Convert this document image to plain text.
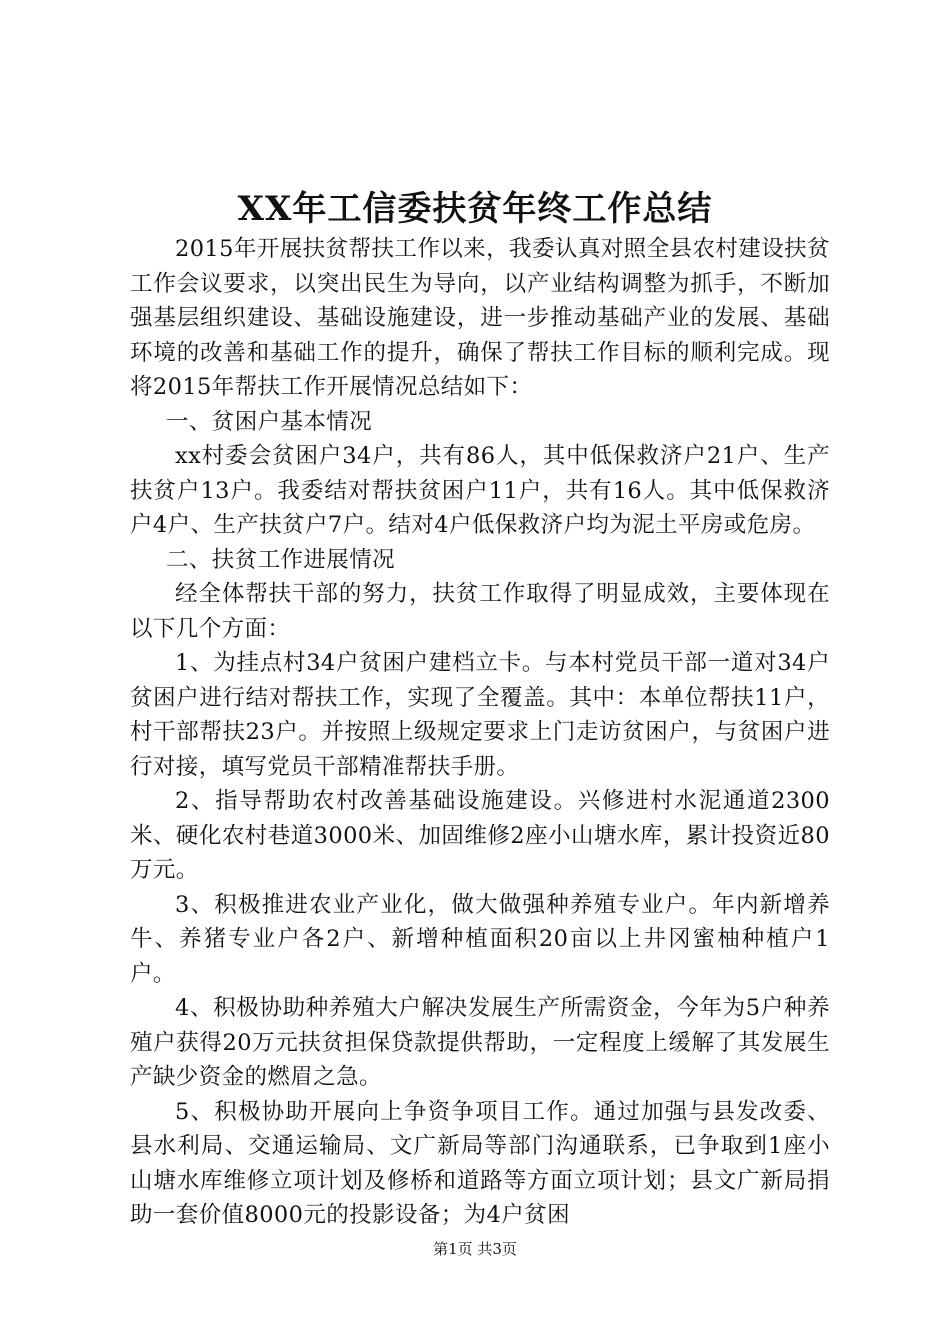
XX年工信委扶贫年终工作总结

2015年开展扶贫帮扶工作以来，我委认真对照全县农村建设扶贫工作会议要求，以突出民生为导向，以产业结构调整为抓手，不断加强基层组织建设、基础设施建设，进一步推动基础产业的发展、基础环境的改善和基础工作的提升，确保了帮扶工作目标的顺利完成。现将2015年帮扶工作开展情况总结如下：

一、贫困户基本情况

xx村委会贫困户34户，共有86人，其中低保救济户21户、生产扶贫户13户。我委结对帮扶贫困户11户，共有16人。其中低保救济户4户、生产扶贫户7户。结对4户低保救济户均为泥土平房或危房。

二、扶贫工作进展情况

经全体帮扶干部的努力，扶贫工作取得了明显成效，主要体现在以下几个方面：

1、为挂点村34户贫困户建档立卡。与本村党员干部一道对34户贫困户进行结对帮扶工作，实现了全覆盖。其中：本单位帮扶11户，村干部帮扶23户。并按照上级规定要求上门走访贫困户，与贫困户进行对接，填写党员干部精准帮扶手册。

2、指导帮助农村改善基础设施建设。兴修进村水泥通道2300米、硬化农村巷道3000米、加固维修2座小山塘水库，累计投资近80万元。

3、积极推进农业产业化，做大做强种养殖专业户。年内新增养牛、养猪专业户各2户、新增种植面积20亩以上井冈蜜柚种植户1户。

4、积极协助种养殖大户解决发展生产所需资金，今年为5户种养殖户获得20万元扶贫担保贷款提供帮助，一定程度上缓解了其发展生产缺少资金的燃眉之急。

5、积极协助开展向上争资争项目工作。通过加强与县发改委、县水利局、交通运输局、文广新局等部门沟通联系，已争取到1座小山塘水库维修立项计划及修桥和道路等方面立项计划；县文广新局捐助一套价值8000元的投影设备；为4户贫困

第1页 共3页
